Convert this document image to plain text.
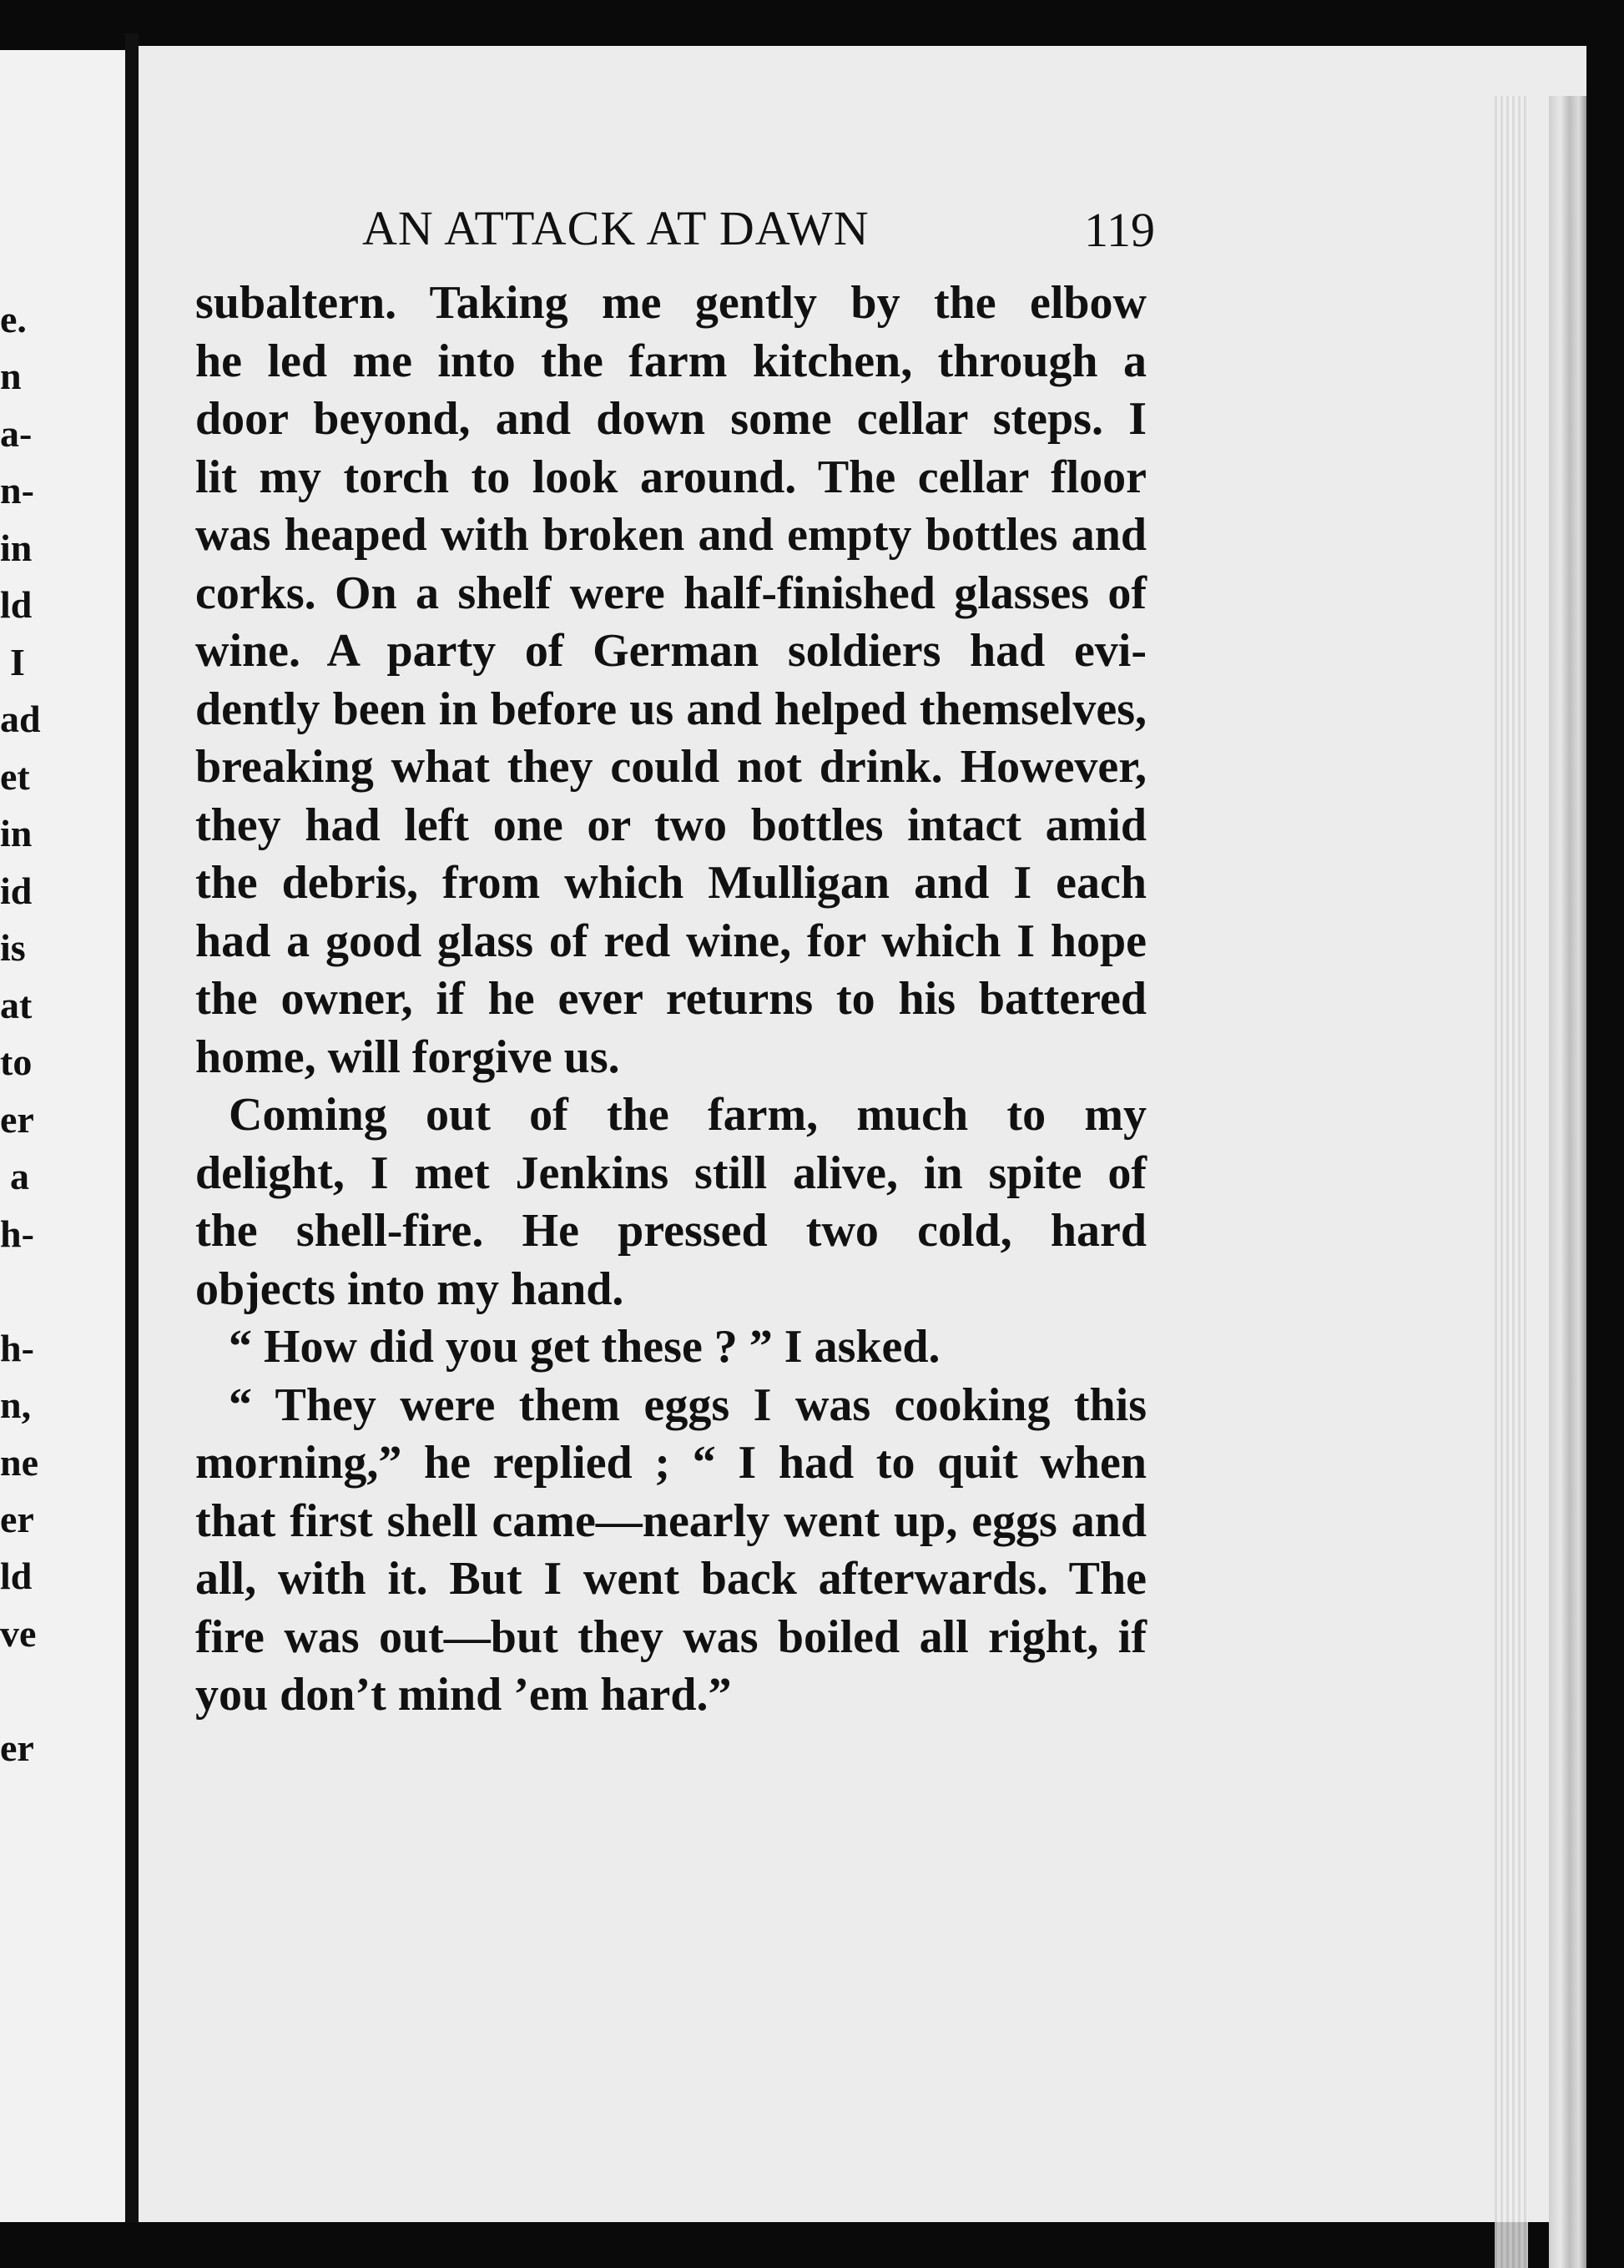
e.
n
a-
n-
in
ld
I
ad
et
in
id
is
at
to
er
a
h-
h-
n,
ne
er
ld
ve
er
AN ATTACK AT DAWN	119
subaltern. Taking me gently by the elbow
he led me into the farm kitchen, through a
door beyond, and down some cellar steps. I
lit my torch to look around. The cellar floor
was heaped with broken and empty bottles and
corks. On a shelf were half-finished glasses of
wine. A party of German soldiers had evi-
dently been in before us and helped themselves,
breaking what they could not drink. However,
they had left one or two bottles intact amid
the debris, from which Mulligan and I each
had a good glass of red wine, for which I hope
the owner, if he ever returns to his battered
home, will forgive us.
Coming out of the farm, much to my
delight, I met Jenkins still alive, in spite of
the shell-fire. He pressed two cold, hard
objects into my hand.
“ How did you get these ? ” I asked.
“ They were them eggs I was cooking this
morning,” he replied ; “ I had to quit when
that first shell came—nearly went up, eggs and
all, with it. But I went back afterwards. The
fire was out—but they was boiled all right, if
you don’t mind ’em hard.”
